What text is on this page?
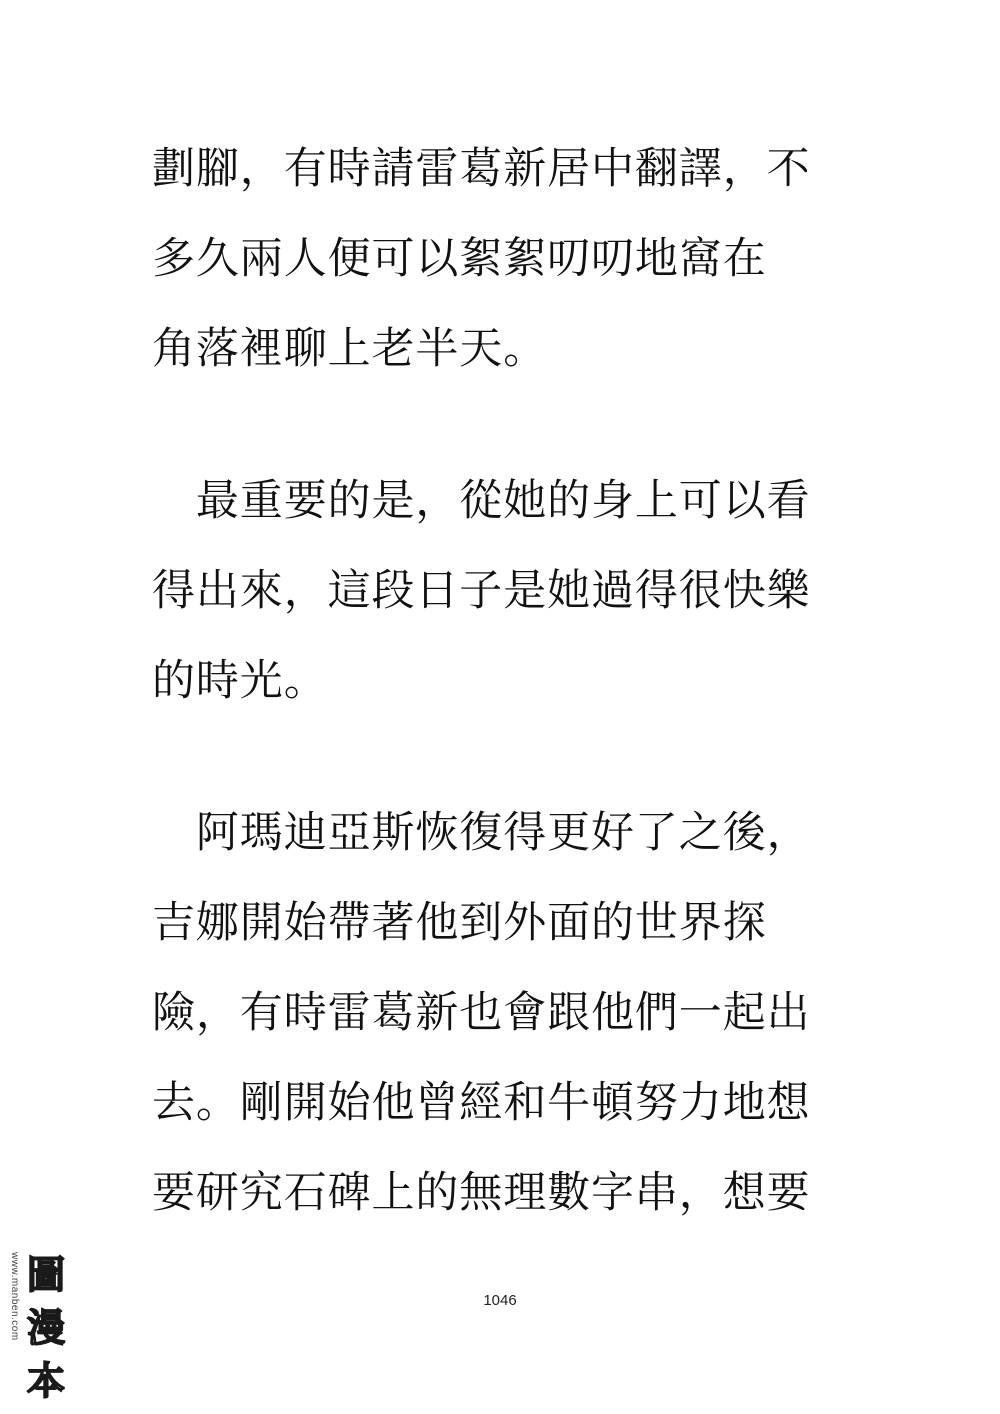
劃腳，有時請雷葛新居中翻譯，不
多久兩人便可以絮絮叨叨地窩在
角落裡聊上老半天。
　最重要的是，從她的身上可以看
得出來，這段日子是她過得很快樂
的時光。
　阿瑪迪亞斯恢復得更好了之後，
吉娜開始帶著他到外面的世界探
險，有時雷葛新也會跟他們一起出
去。剛開始他曾經和牛頓努力地想
要研究石碑上的無理數字串，想要
1046
www.manben.com 圖
漫
本
